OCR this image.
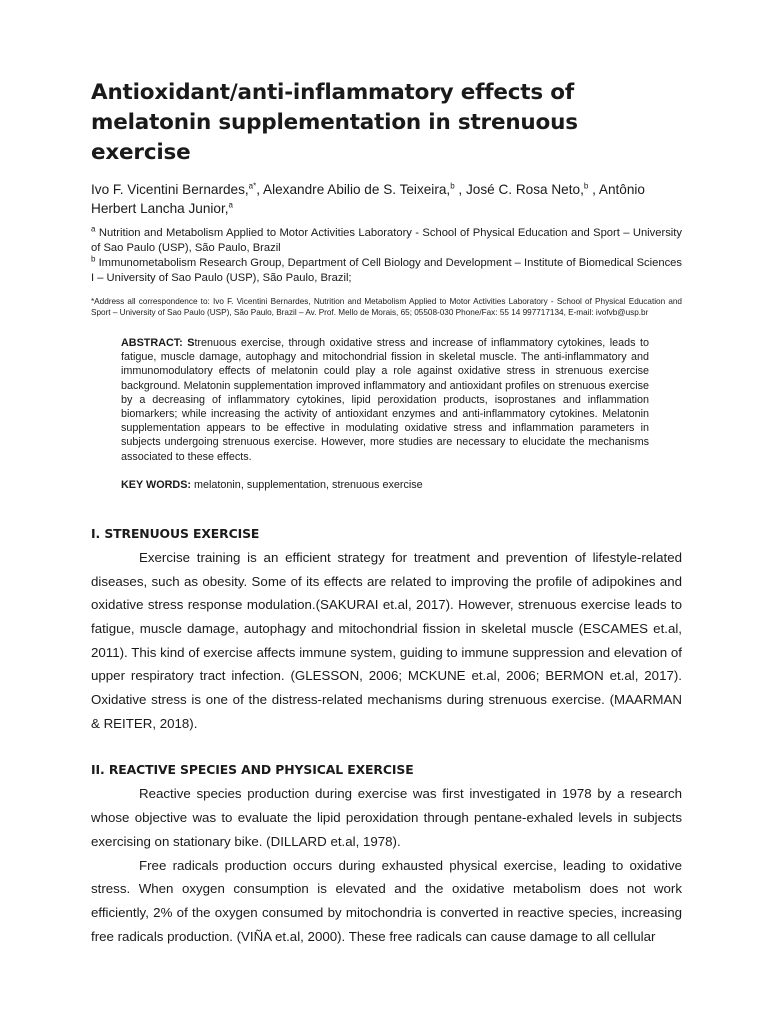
Antioxidant/anti-inflammatory effects of melatonin supplementation in strenuous exercise

Ivo F. Vicentini Bernardes,$^{a*}$, Alexandre Abilio de S. Teixeira,$^b$ , José C. Rosa Neto,$^b$ , Antônio Herbert Lancha Junior,$^a$

$^a$ Nutrition and Metabolism Applied to Motor Activities Laboratory - School of Physical Education and Sport – University of Sao Paulo (USP), São Paulo, Brazil

$^b$ Immunometabolism Research Group, Department of Cell Biology and Development – Institute of Biomedical Sciences I – University of Sao Paulo (USP), São Paulo, Brazil;

*Address all correspondence to: Ivo F. Vicentini Bernardes, Nutrition and Metabolism Applied to Motor Activities Laboratory - School of Physical Education and Sport – University of Sao Paulo (USP), São Paulo, Brazil – Av. Prof. Mello de Morais, 65; 05508-030 Phone/Fax: 55 14 997717134, E-mail: ivofvb@usp.br

ABSTRACT: Strenuous exercise, through oxidative stress and increase of inflammatory cytokines, leads to fatigue, muscle damage, autophagy and mitochondrial fission in skeletal muscle. The anti-inflammatory and immunomodulatory effects of melatonin could play a role against oxidative stress in strenuous exercise background. Melatonin supplementation improved inflammatory and antioxidant profiles on strenuous exercise by a decreasing of inflammatory cytokines, lipid peroxidation products, isoprostanes and inflammation biomarkers; while increasing the activity of antioxidant enzymes and anti-inflammatory cytokines. Melatonin supplementation appears to be effective in modulating oxidative stress and inflammation parameters in subjects undergoing strenuous exercise. However, more studies are necessary to elucidate the mechanisms associated to these effects.

KEY WORDS: melatonin, supplementation, strenuous exercise

I. STRENUOUS EXERCISE

Exercise training is an efficient strategy for treatment and prevention of lifestyle-related diseases, such as obesity. Some of its effects are related to improving the profile of adipokines and oxidative stress response modulation.(SAKURAI et.al, 2017). However, strenuous exercise leads to fatigue, muscle damage, autophagy and mitochondrial fission in skeletal muscle (ESCAMES et.al, 2011). This kind of exercise affects immune system, guiding to immune suppression and elevation of upper respiratory tract infection. (GLESSON, 2006; MCKUNE et.al, 2006; BERMON et.al, 2017). Oxidative stress is one of the distress-related mechanisms during strenuous exercise. (MAARMAN & REITER, 2018).

II. REACTIVE SPECIES AND PHYSICAL EXERCISE

Reactive species production during exercise was first investigated in 1978 by a research whose objective was to evaluate the lipid peroxidation through pentane-exhaled levels in subjects exercising on stationary bike. (DILLARD et.al, 1978).

Free radicals production occurs during exhausted physical exercise, leading to oxidative stress. When oxygen consumption is elevated and the oxidative metabolism does not work efficiently, 2% of the oxygen consumed by mitochondria is converted in reactive species, increasing free radicals production. (VIÑA et.al, 2000). These free radicals can cause damage to all cellular
